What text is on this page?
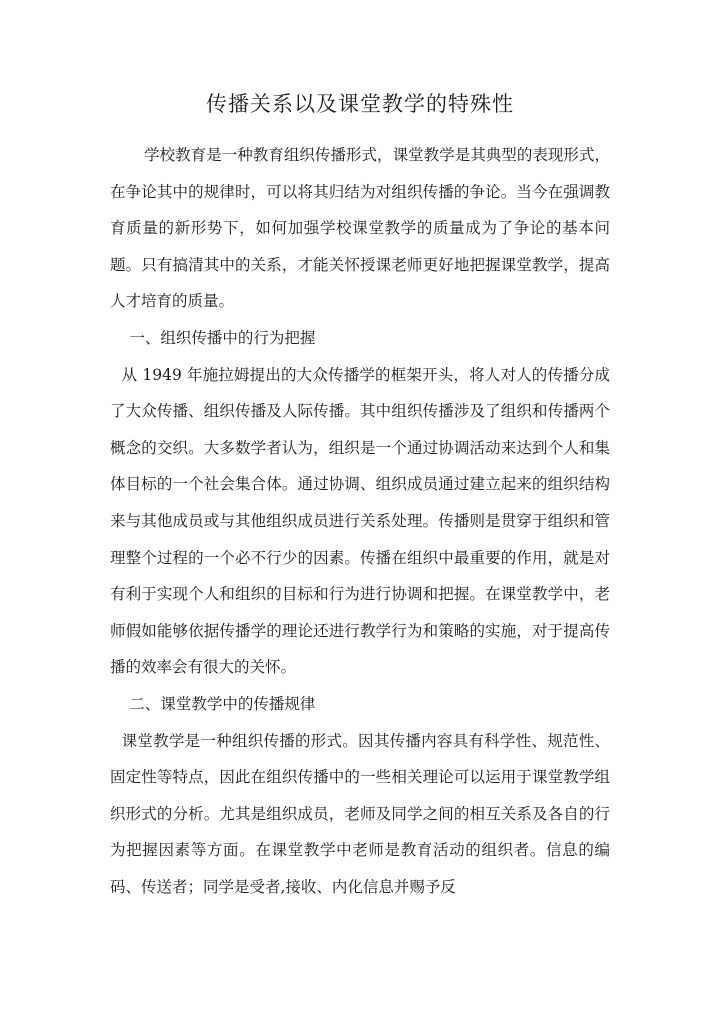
传播关系以及课堂教学的特殊性

学校教育是一种教育组织传播形式，课堂教学是其典型的表现形式，在争论其中的规律时，可以将其归结为对组织传播的争论。当今在强调教育质量的新形势下，如何加强学校课堂教学的质量成为了争论的基本问题。只有搞清其中的关系，才能关怀授课老师更好地把握课堂教学，提高人才培育的质量。

一、组织传播中的行为把握

从 1949 年施拉姆提出的大众传播学的框架开头，将人对人的传播分成了大众传播、组织传播及人际传播。其中组织传播涉及了组织和传播两个概念的交织。大多数学者认为，组织是一个通过协调活动来达到个人和集体目标的一个社会集合体。通过协调、组织成员通过建立起来的组织结构来与其他成员或与其他组织成员进行关系处理。传播则是贯穿于组织和管理整个过程的一个必不行少的因素。传播在组织中最重要的作用，就是对有利于实现个人和组织的目标和行为进行协调和把握。在课堂教学中，老师假如能够依据传播学的理论还进行教学行为和策略的实施，对于提高传播的效率会有很大的关怀。

二、课堂教学中的传播规律

课堂教学是一种组织传播的形式。因其传播内容具有科学性、规范性、固定性等特点，因此在组织传播中的一些相关理论可以运用于课堂教学组织形式的分析。尤其是组织成员，老师及同学之间的相互关系及各自的行为把握因素等方面。在课堂教学中老师是教育活动的组织者。信息的编码、传送者；同学是受者,接收、内化信息并赐予反
